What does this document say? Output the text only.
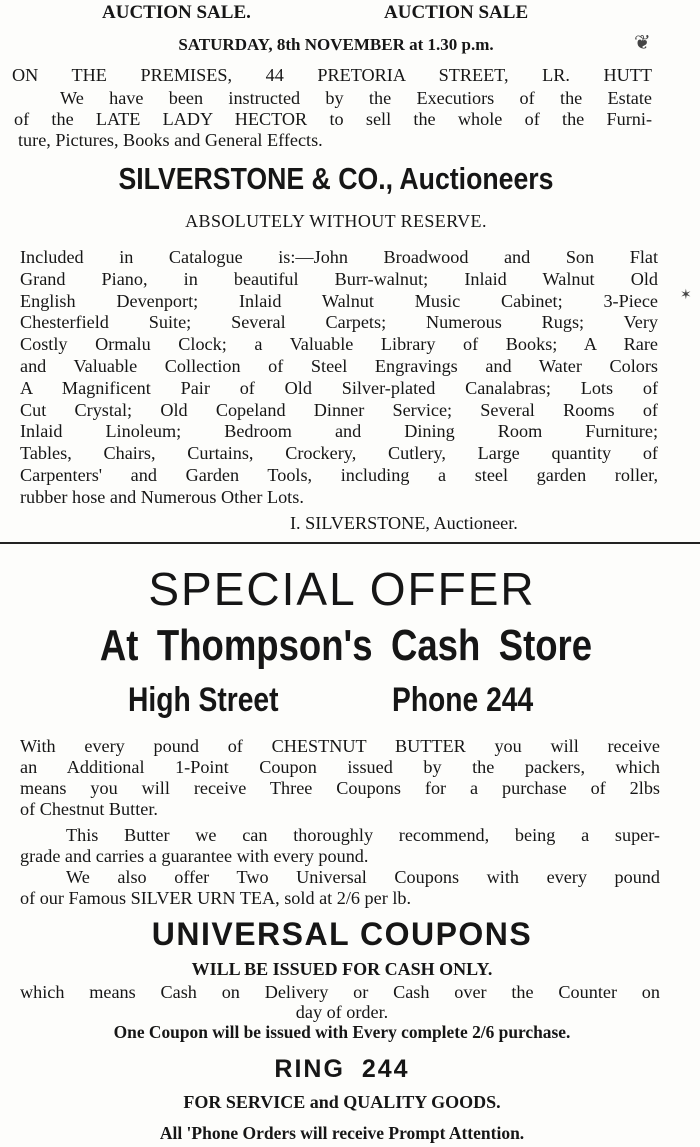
AUCTION SALE.	AUCTION SALE
SATURDAY, 8th NOVEMBER at 1.30 p.m.	❦
ON THE PREMISES, 44 PRETORIA STREET, LR. HUTT
We have been instructed by the Executiors of the Estate
of the LATE LADY HECTOR to sell the whole of the Furni-
ture, Pictures, Books and General Effects.
SILVERSTONE & CO., Auctioneers
ABSOLUTELY WITHOUT RESERVE.
Included in Catalogue is:—John Broadwood and Son Flat
Grand Piano, in beautiful Burr-walnut; Inlaid Walnut Old
English Devenport; Inlaid Walnut Music Cabinet; 3-Piece
Chesterfield Suite; Several Carpets; Numerous Rugs; Very
Costly Ormalu Clock; a Valuable Library of Books; A Rare
and Valuable Collection of Steel Engravings and Water Colors
A Magnificent Pair of Old Silver-plated Canalabras; Lots of
Cut Crystal; Old Copeland Dinner Service; Several Rooms of
Inlaid Linoleum; Bedroom and Dining Room Furniture;
Tables, Chairs, Curtains, Crockery, Cutlery, Large quantity of
Carpenters' and Garden Tools, including a steel garden roller,
✶
rubber hose and Numerous Other Lots.
I. SILVERSTONE, Auctioneer.
SPECIAL OFFER
At Thompson's Cash Store
High Street	Phone 244
With every pound of CHESTNUT BUTTER you will receive
an Additional 1-Point Coupon issued by the packers, which
means you will receive Three Coupons for a purchase of 2lbs
of Chestnut Butter.
This Butter we can thoroughly recommend, being a super-
grade and carries a guarantee with every pound.
We also offer Two Universal Coupons with every pound
of our Famous SILVER URN TEA, sold at 2/6 per lb.
UNIVERSAL COUPONS
WILL BE ISSUED FOR CASH ONLY.
which means Cash on Delivery or Cash over the Counter on
day of order.
One Coupon will be issued with Every complete 2/6 purchase.
RING 244
FOR SERVICE and QUALITY GOODS.
All 'Phone Orders will receive Prompt Attention.
